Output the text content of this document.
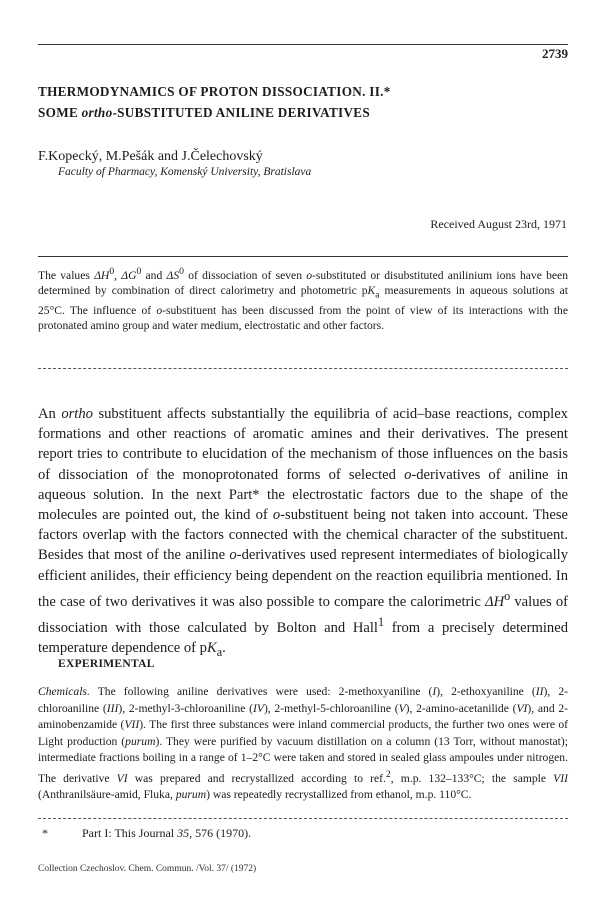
2739
THERMODYNAMICS OF PROTON DISSOCIATION. II.*
SOME ortho-SUBSTITUTED ANILINE DERIVATIVES
F.Kopecký, M.Pešák and J.Čelechovský
Faculty of Pharmacy, Komenský University, Bratislava
Received August 23rd, 1971

The values $\Delta H^0$, $\Delta G^0$ and $\Delta S^0$ of dissociation of seven o-substituted or disubstituted anilinium ions have been determined by combination of direct calorimetry and photometric $pK_a$ measurements in aqueous solutions at 25°C. The influence of o-substituent has been discussed from the point of view of its interactions with the protonated amino group and water medium, electrostatic and other factors.

An ortho substituent affects substantially the equilibria of acid–base reactions, complex formations and other reactions of aromatic amines and their derivatives. The present report tries to contribute to elucidation of the mechanism of those influences on the basis of dissociation of the monoprotonated forms of selected o-derivatives of aniline in aqueous solution. In the next Part* the electrostatic factors due to the shape of the molecules are pointed out, the kind of o-substituent being not taken into account. These factors overlap with the factors connected with the chemical character of the substituent. Besides that most of the aniline o-derivatives used represent intermediates of biologically efficient anilides, their efficiency being dependent on the reaction equilibria mentioned. In the case of two derivatives it was also possible to compare the calorimetric $\Delta H^o$ values of dissociation with those calculated by Bolton and Hall$^1$ from a precisely determined temperature dependence of $pK_a$.

EXPERIMENTAL

Chemicals. The following aniline derivatives were used: 2-methoxyaniline (I), 2-ethoxyaniline (II), 2-chloroaniline (III), 2-methyl-3-chloroaniline (IV), 2-methyl-5-chloroaniline (V), 2-amino-acetanilide (VI), and 2-aminobenzamide (VII). The first three substances were inland commercial products, the further two ones were of Light production (purum). They were purified by vacuum distillation on a column (13 Torr, without manostat); intermediate fractions boiling in a range of 1–2°C were taken and stored in sealed glass ampoules under nitrogen. The derivative VI was prepared and recrystallized according to ref.$^2$, m.p. 132–133°C; the sample VII (Anthranilsäure-amid, Fluka, purum) was repeatedly recrystallized from ethanol, m.p. 110°C.

*	Part I: This Journal 35, 576 (1970).
Collection Czechoslov. Chem. Commun. /Vol. 37/ (1972)
